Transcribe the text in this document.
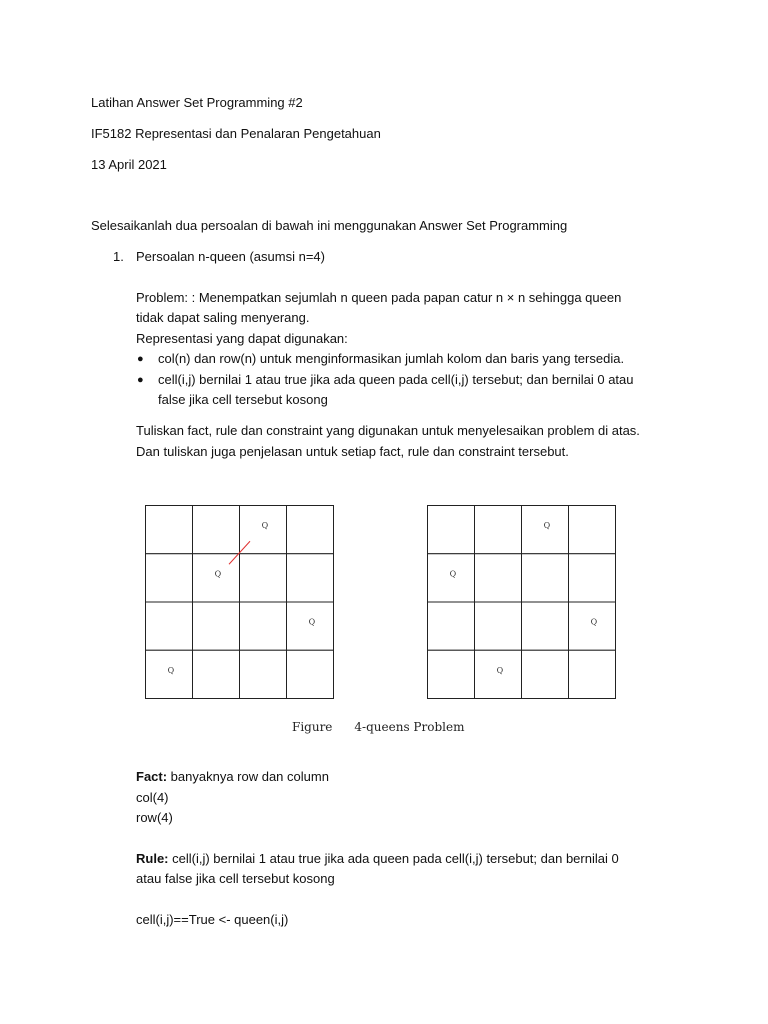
Latihan Answer Set Programming #2
IF5182 Representasi dan Penalaran Pengetahuan
13 April 2021
Selesaikanlah dua persoalan di bawah ini menggunakan Answer Set Programming
1. Persoalan n-queen (asumsi n=4)
Problem: : Menempatkan sejumlah n queen pada papan catur n × n sehingga queen
tidak dapat saling menyerang.
Representasi yang dapat digunakan:
● col(n) dan row(n) untuk menginformasikan jumlah kolom dan baris yang tersedia.
● cell(i,j) bernilai 1 atau true jika ada queen pada cell(i,j) tersebut; dan bernilai 0 atau
false jika cell tersebut kosong
Tuliskan fact, rule dan constraint yang digunakan untuk menyelesaikan problem di atas.
Dan tuliskan juga penjelasan untuk setiap fact, rule dan constraint tersebut.
Q
Q
Q
Q
Q
Q
Q
Q
Figure 4-queens Problem
Fact: banyaknya row dan column
col(4)
row(4)
Rule: cell(i,j) bernilai 1 atau true jika ada queen pada cell(i,j) tersebut; dan bernilai 0
atau false jika cell tersebut kosong
cell(i,j)==True <- queen(i,j)
